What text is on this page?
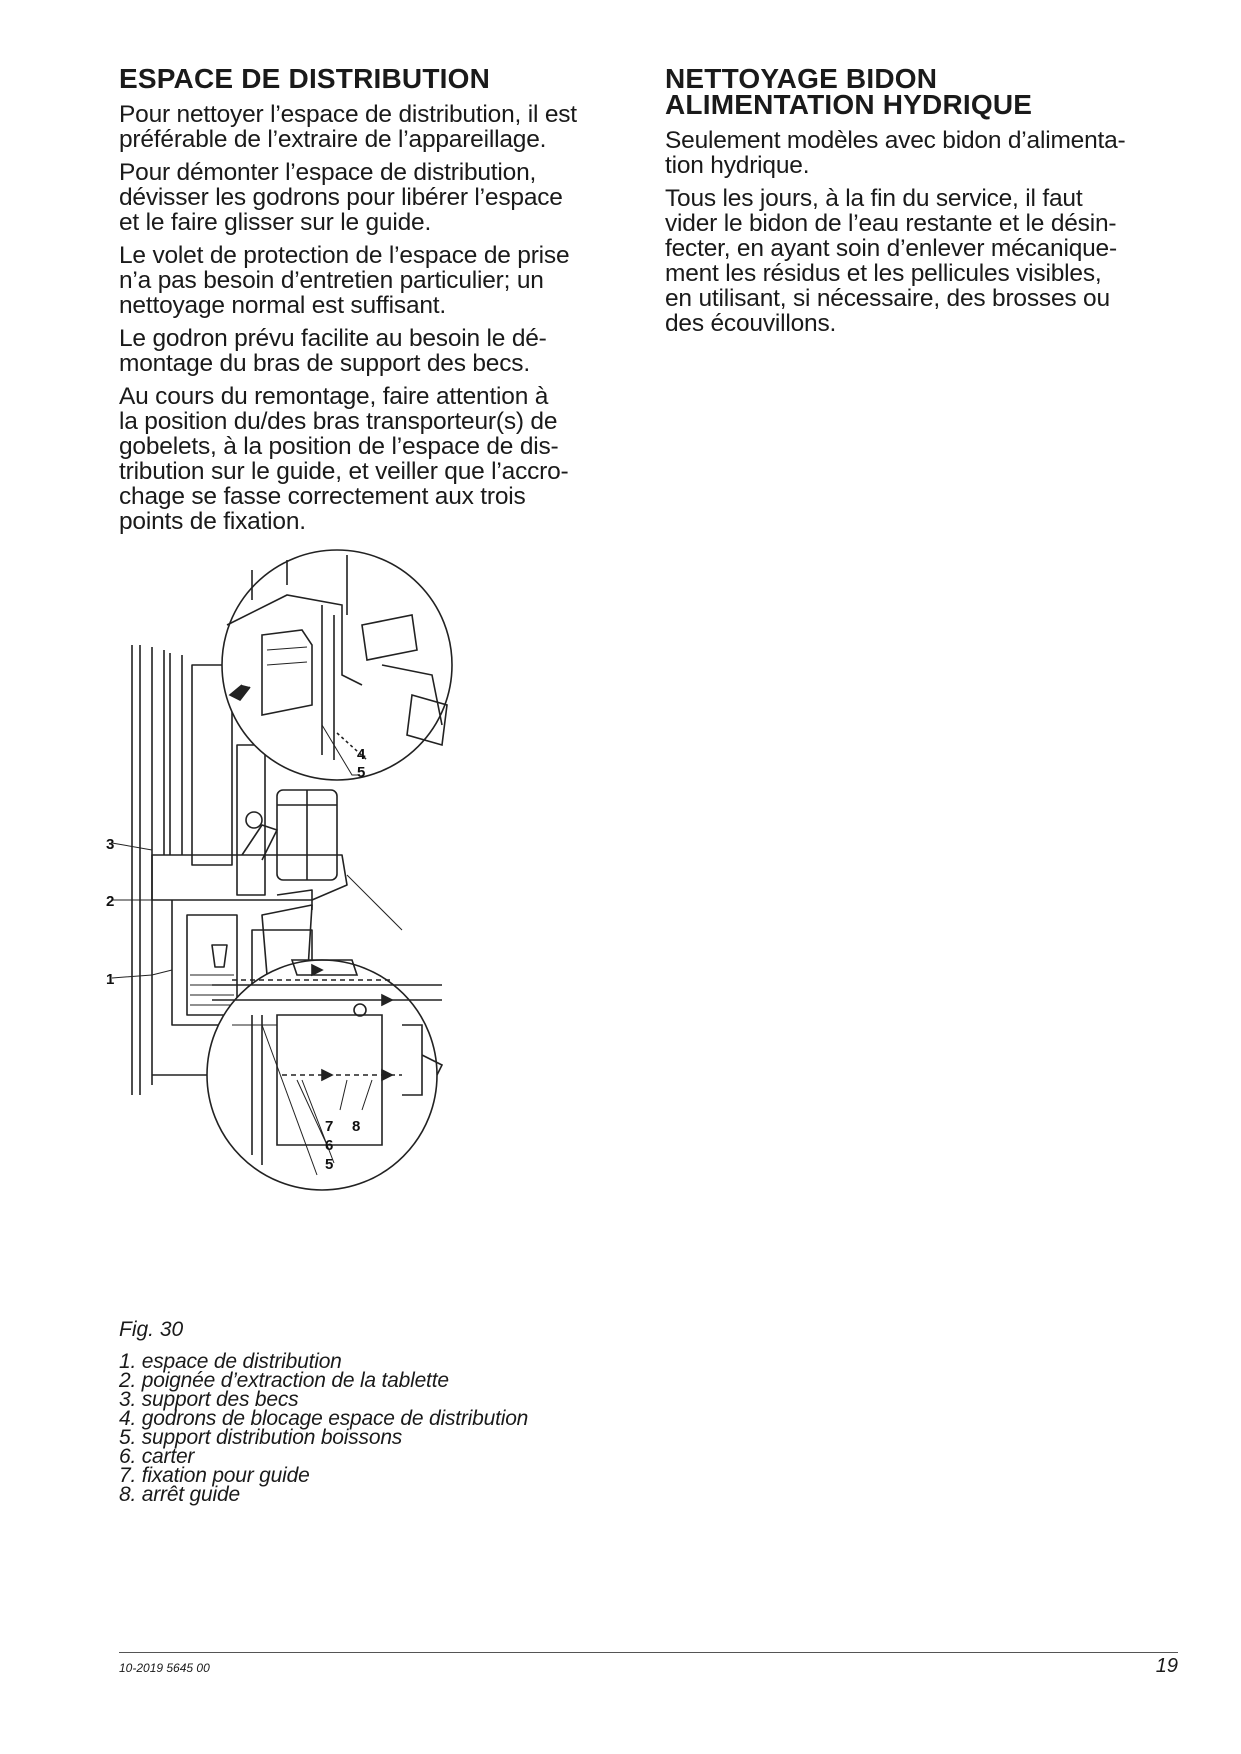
ESPACE DE DISTRIBUTION

Pour nettoyer l’espace de distribution, il est
préférable de l’extraire de l’appareillage.

Pour démonter l’espace de distribution,
dévisser les godrons pour libérer l’espace
et le faire glisser sur le guide.

Le volet de protection de l’espace de prise
n’a pas besoin d’entretien particulier; un
nettoyage normal est suffisant.

Le godron prévu facilite au besoin le dé-
montage du bras de support des becs.

Au cours du remontage, faire attention à
la position du/des bras transporteur(s) de
gobelets, à la position de l’espace de dis-
tribution sur le guide, et veiller que l’accro-
chage se fasse correctement aux trois
points de fixation.

NETTOYAGE BIDON
ALIMENTATION HYDRIQUE

Seulement modèles avec bidon d’alimenta-
tion hydrique.

Tous les jours, à la fin du service, il faut
vider le bidon de l’eau restante et le désin-
fecter, en ayant soin d’enlever mécanique-
ment les résidus et les pellicules visibles,
en utilisant, si nécessaire, des brosses ou
des écouvillons.

4
5
3
2
1
7 8
6
5
Fig. 30
1. espace de distribution
2. poignée d’extraction de la tablette
3. support des becs
4. godrons de blocage espace de distribution
5. support distribution boissons
6. carter
7. fixation pour guide
8. arrêt guide
10-2019 5645 00	19
